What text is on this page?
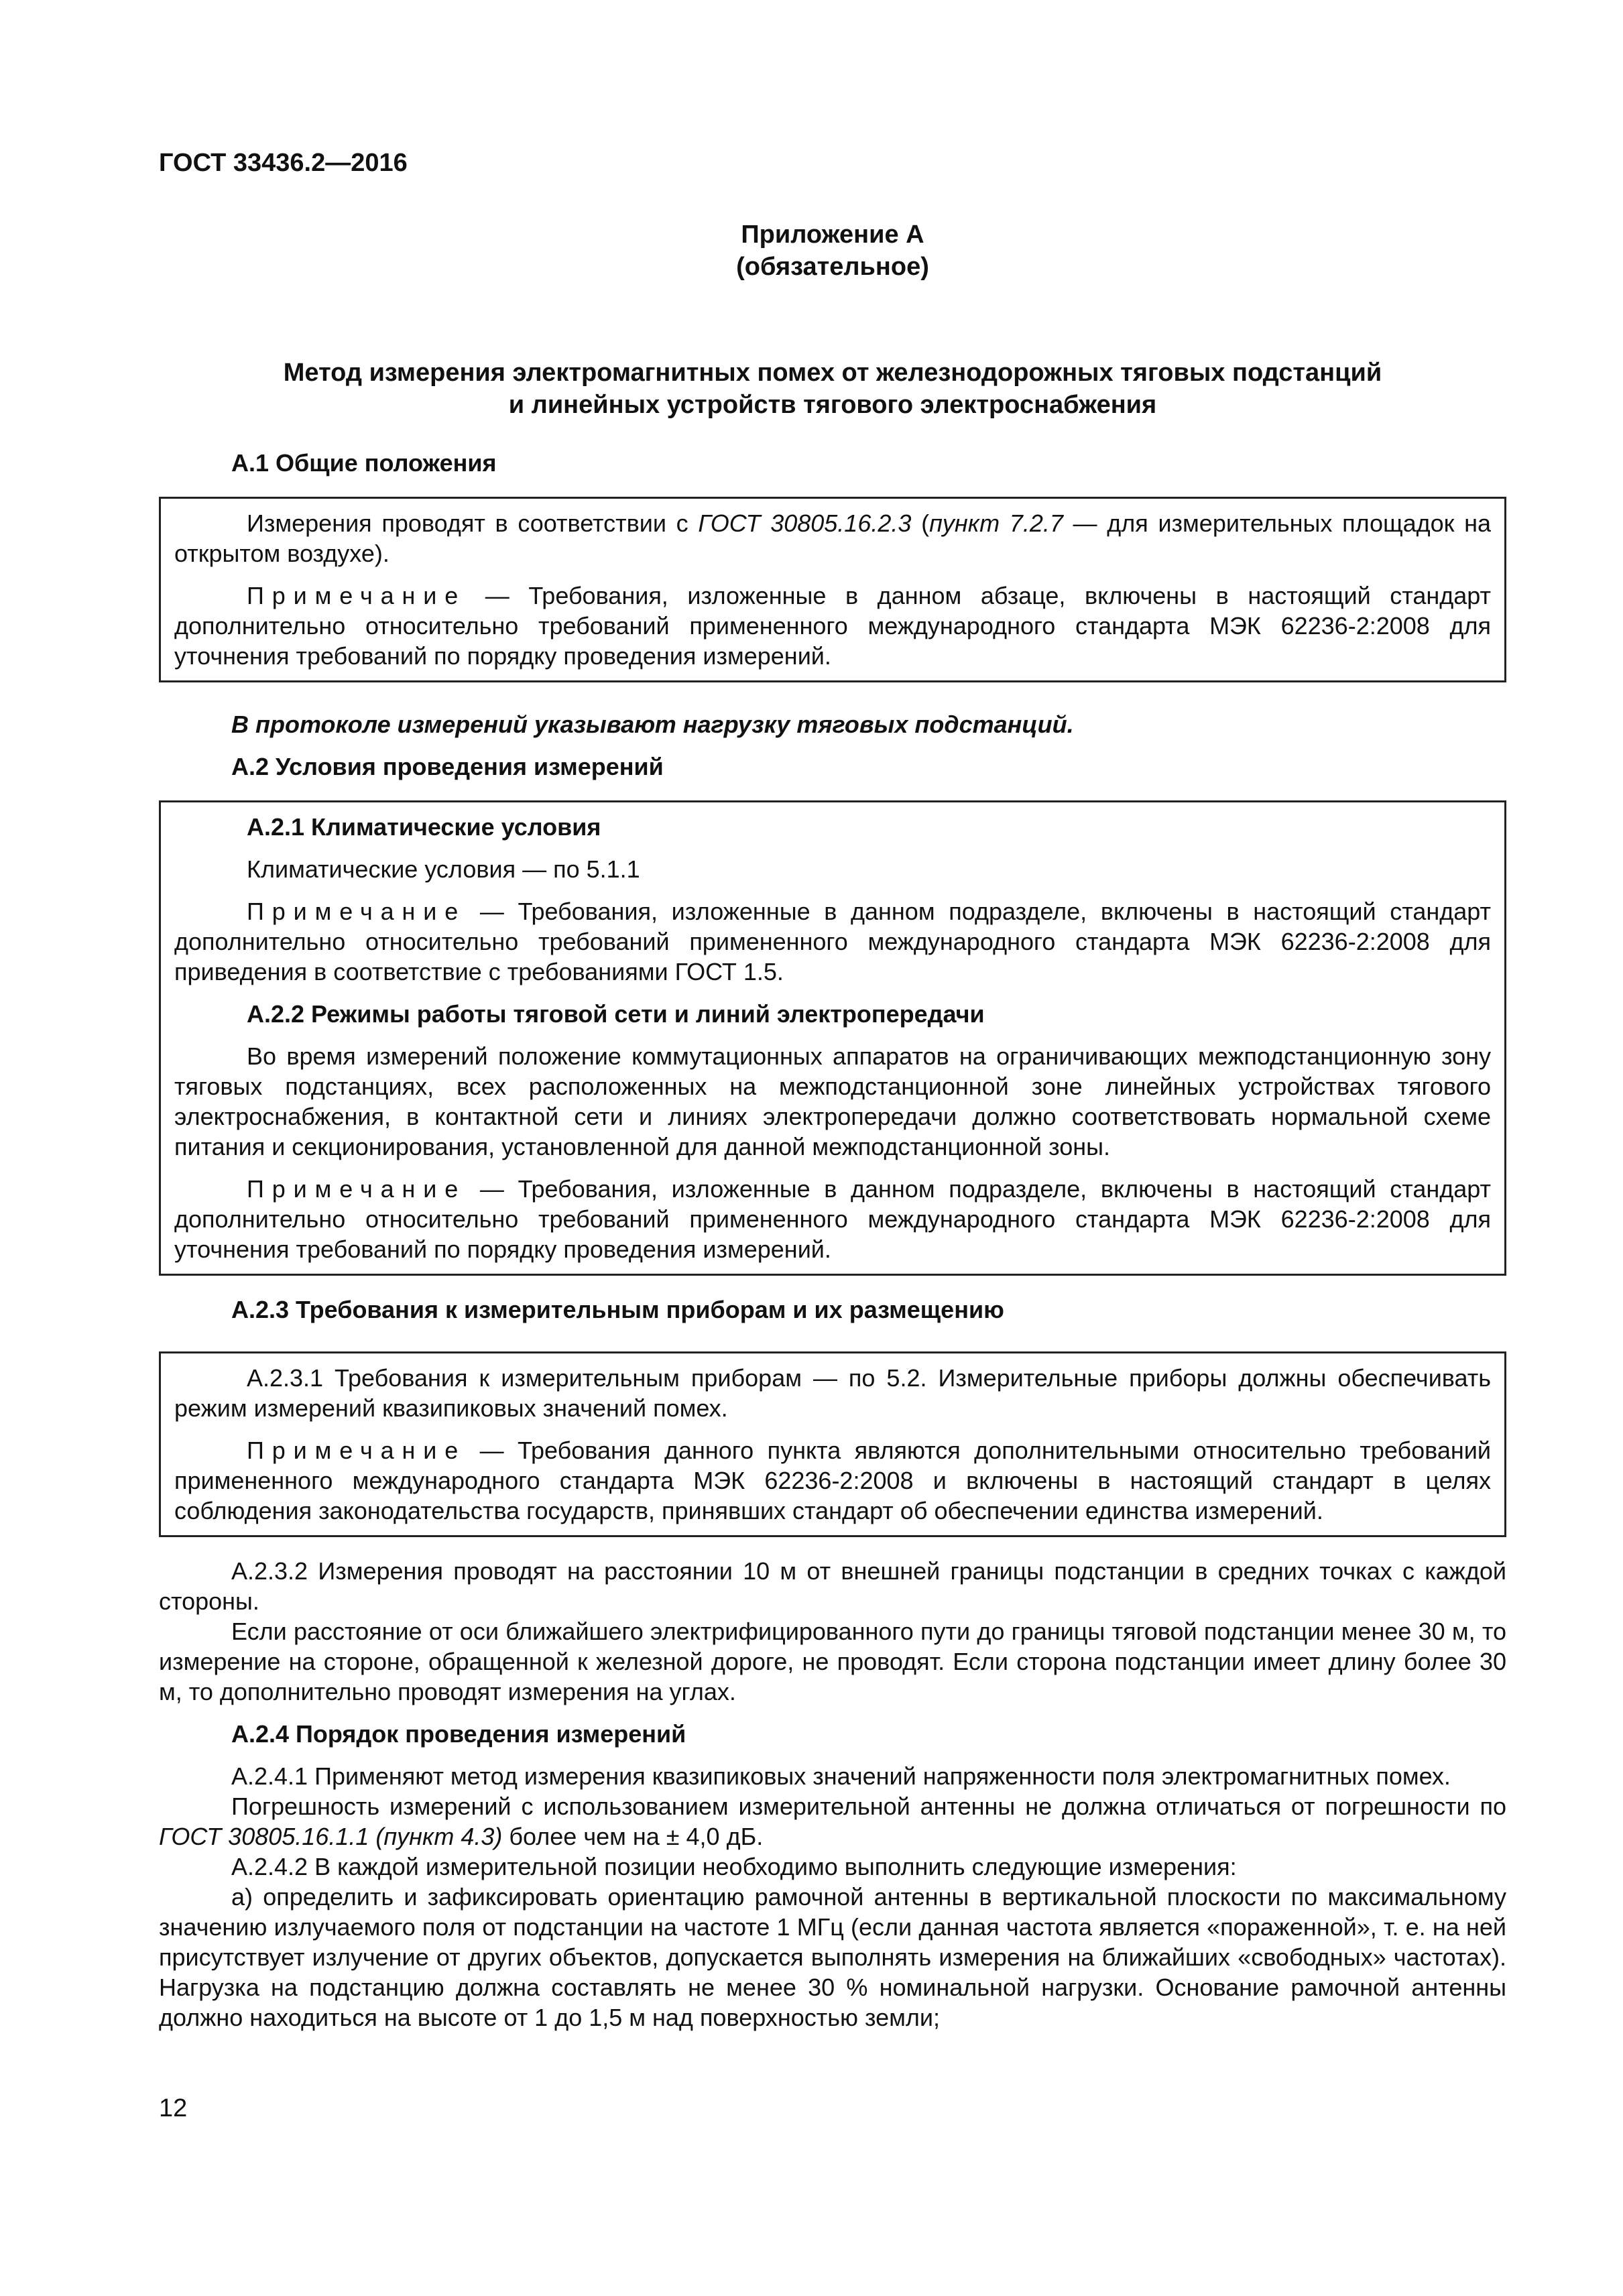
ГОСТ 33436.2—2016

Приложение А

(обязательное)

Метод измерения электромагнитных помех от железнодорожных тяговых подстанций

и линейных устройств тягового электроснабжения

А.1 Общие положения

Измерения проводят в соответствии с ГОСТ 30805.16.2.3 (пункт 7.2.7 — для измерительных площадок на открытом воздухе).

Примечание — Требования, изложенные в данном абзаце, включены в настоящий стандарт дополнительно относительно требований примененного международного стандарта МЭК 62236-2:2008 для уточнения требований по порядку проведения измерений.

В протоколе измерений указывают нагрузку тяговых подстанций.

А.2 Условия проведения измерений

А.2.1 Климатические условия

Климатические условия — по 5.1.1

Примечание — Требования, изложенные в данном подразделе, включены в настоящий стандарт дополнительно относительно требований примененного международного стандарта МЭК 62236-2:2008 для приведения в соответствие с требованиями ГОСТ 1.5.

А.2.2 Режимы работы тяговой сети и линий электропередачи

Во время измерений положение коммутационных аппаратов на ограничивающих межподстанционную зону тяговых подстанциях, всех расположенных на межподстанционной зоне линейных устройствах тягового электроснабжения, в контактной сети и линиях электропередачи должно соответствовать нормальной схеме питания и секционирования, установленной для данной межподстанционной зоны.

Примечание — Требования, изложенные в данном подразделе, включены в настоящий стандарт дополнительно относительно требований примененного международного стандарта МЭК 62236-2:2008 для уточнения требований по порядку проведения измерений.

А.2.3 Требования к измерительным приборам и их размещению

А.2.3.1 Требования к измерительным приборам — по 5.2. Измерительные приборы должны обеспечивать режим измерений квазипиковых значений помех.

Примечание — Требования данного пункта являются дополнительными относительно требований примененного международного стандарта МЭК 62236-2:2008 и включены в настоящий стандарт в целях соблюдения законодательства государств, принявших стандарт об обеспечении единства измерений.

А.2.3.2 Измерения проводят на расстоянии 10 м от внешней границы подстанции в средних точках с каждой стороны.

Если расстояние от оси ближайшего электрифицированного пути до границы тяговой подстанции менее 30 м, то измерение на стороне, обращенной к железной дороге, не проводят. Если сторона подстанции имеет длину более 30 м, то дополнительно проводят измерения на углах.

А.2.4 Порядок проведения измерений

А.2.4.1 Применяют метод измерения квазипиковых значений напряженности поля электромагнитных помех.

Погрешность измерений с использованием измерительной антенны не должна отличаться от погрешности по ГОСТ 30805.16.1.1 (пункт 4.3) более чем на ± 4,0 дБ.

А.2.4.2 В каждой измерительной позиции необходимо выполнить следующие измерения:

а) определить и зафиксировать ориентацию рамочной антенны в вертикальной плоскости по максимальному значению излучаемого поля от подстанции на частоте 1 МГц (если данная частота является «пораженной», т. е. на ней присутствует излучение от других объектов, допускается выполнять измерения на ближайших «свободных» частотах). Нагрузка на подстанцию должна составлять не менее 30 % номинальной нагрузки. Основание рамочной антенны должно находиться на высоте от 1 до 1,5 м над поверхностью земли;

12
